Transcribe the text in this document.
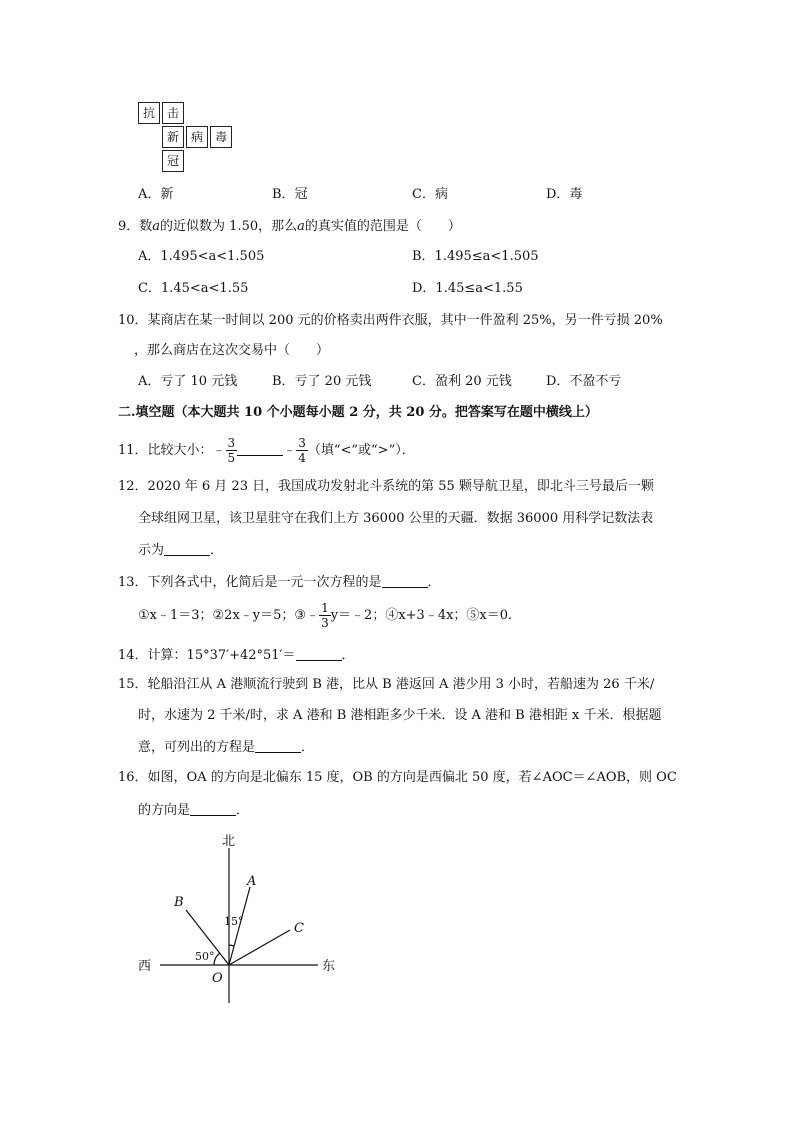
抗 击
新 病 毒
冠
A．新	B．冠	C．病	D．毒
9．数a的近似数为 1.50，那么a的真实值的范围是（　　）
A．1.495<a<1.505	B．1.495≤a<1.505
C．1.45<a<1.55	D．1.45≤a<1.55
10．某商店在某一时间以 200 元的价格卖出两件衣服，其中一件盈利 25%，另一件亏损 20%
，那么商店在这次交易中（　　）
A．亏了 10 元钱	B．亏了 20 元钱	C．盈利 20 元钱	D．不盈不亏
二.填空题（本大题共 10 个小题每小题 2 分，共 20 分。把答案写在题中横线上）
11．比较大小：﹣ $\frac{3}{5}$	﹣ $\frac{3}{4}$ （填“<”或“>”）．
12．2020 年 6 月 23 日，我国成功发射北斗系统的第 55 颗导航卫星，即北斗三号最后一颗
全球组网卫星，该卫星驻守在我们上方 36000 公里的天疆．数据 36000 用科学记数法表
示为	．
13．下列各式中，化简后是一元一次方程的是	．
①x﹣1＝3；②2x﹣y＝5；③﹣ $\frac{1}{3}$ y＝﹣2；④x+3﹣4x；⑤x＝0．
14．计算：15°37′+42°51′＝	．
15．轮船沿江从 A 港顺流行驶到 B 港，比从 B 港返回 A 港少用 3 小时，若船速为 26 千米/
时，水速为 2 千米/时，求 A 港和 B 港相距多少千米．设 A 港和 B 港相距 x 千米．根据题
意，可列出的方程是	．
16．如图，OA 的方向是北偏东 15 度，OB 的方向是西偏北 50 度，若∠AOC＝∠AOB，则 OC
的方向是	．
北
西	东
O
A
B
C
15°
50°
